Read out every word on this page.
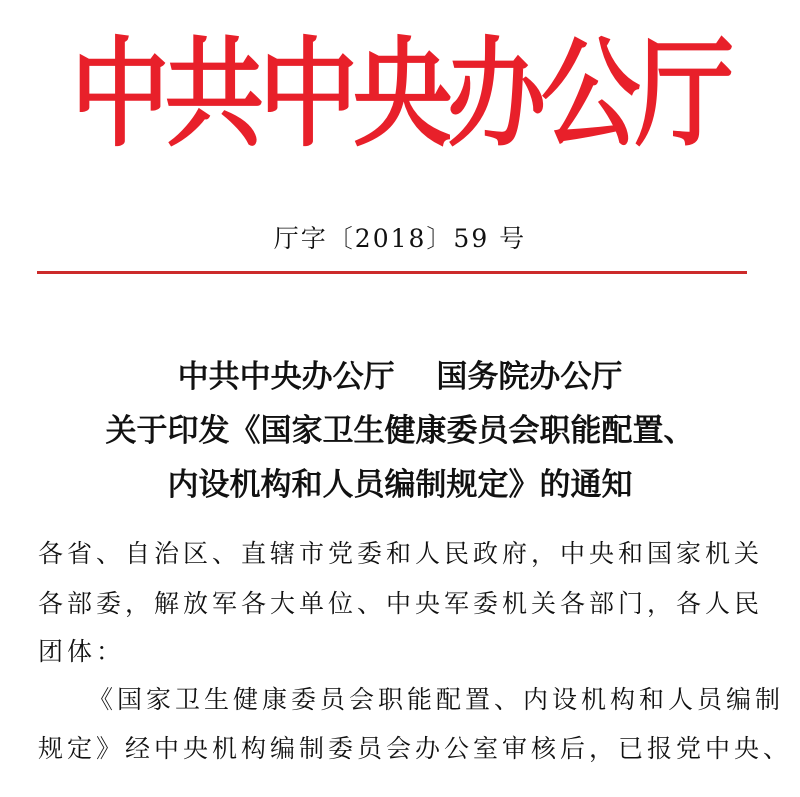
中共中央办公厅
厅字〔2018〕59 号
中共中央办公厅　 国务院办公厅
关于印发《国家卫生健康委员会职能配置、
内设机构和人员编制规定》的通知
各省、自治区、直辖市党委和人民政府，中央和国家机关
各部委，解放军各大单位、中央军委机关各部门，各人民
团体：
《国家卫生健康委员会职能配置、内设机构和人员编制
规定》经中央机构编制委员会办公室审核后，已报党中央、
